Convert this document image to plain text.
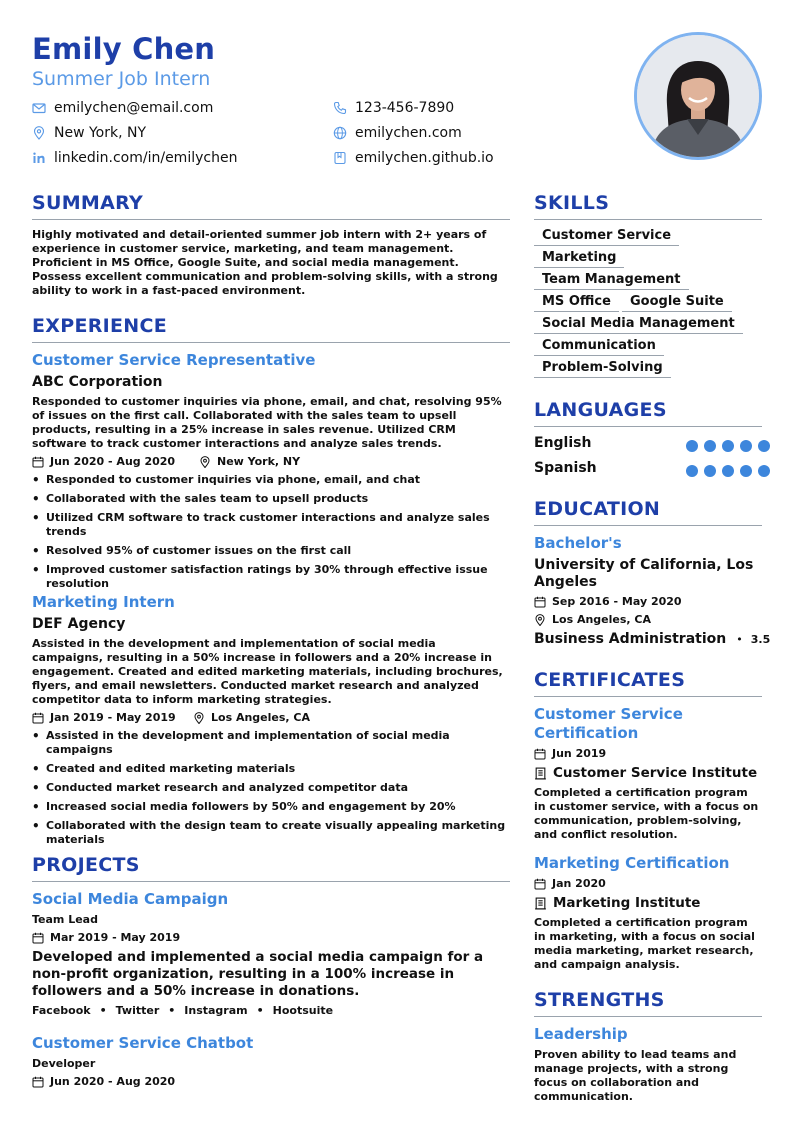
Emily Chen
Summer Job Intern
emilychen@email.com	123-456-7890
New York, NY	emilychen.com
linkedin.com/in/emilychen	emilychen.github.io
SUMMARY
Highly motivated and detail-oriented summer job intern with 2+ years of experience in customer service, marketing, and team management. Proficient in MS Office, Google Suite, and social media management. Possess excellent communication and problem-solving skills, with a strong ability to work in a fast-paced environment.
EXPERIENCE
Customer Service Representative
ABC Corporation
Responded to customer inquiries via phone, email, and chat, resolving 95% of issues on the first call. Collaborated with the sales team to upsell products, resulting in a 25% increase in sales revenue. Utilized CRM software to track customer interactions and analyze sales trends.
Jun 2020 - Aug 2020	New York, NY
• Responded to customer inquiries via phone, email, and chat
• Collaborated with the sales team to upsell products
• Utilized CRM software to track customer interactions and analyze sales trends
• Resolved 95% of customer issues on the first call
• Improved customer satisfaction ratings by 30% through effective issue resolution
Marketing Intern
DEF Agency
Assisted in the development and implementation of social media campaigns, resulting in a 50% increase in followers and a 20% increase in engagement. Created and edited marketing materials, including brochures, flyers, and email newsletters. Conducted market research and analyzed competitor data to inform marketing strategies.
Jan 2019 - May 2019	Los Angeles, CA
• Assisted in the development and implementation of social media campaigns
• Created and edited marketing materials
• Conducted market research and analyzed competitor data
• Increased social media followers by 50% and engagement by 20%
• Collaborated with the design team to create visually appealing marketing materials
PROJECTS
Social Media Campaign
Team Lead
Mar 2019 - May 2019
Developed and implemented a social media campaign for a non-profit organization, resulting in a 100% increase in followers and a 50% increase in donations.
Facebook • Twitter • Instagram • Hootsuite
Customer Service Chatbot
Developer
Jun 2020 - Aug 2020
SKILLS
Customer Service
Marketing
Team Management
MS Office	Google Suite
Social Media Management
Communication
Problem-Solving
LANGUAGES
English
Spanish
EDUCATION
Bachelor's
University of California, Los Angeles
Sep 2016 - May 2020
Los Angeles, CA
Business Administration • 3.5
CERTIFICATES
Customer Service Certification
Jun 2019
Customer Service Institute
Completed a certification program in customer service, with a focus on communication, problem-solving, and conflict resolution.
Marketing Certification
Jan 2020
Marketing Institute
Completed a certification program in marketing, with a focus on social media marketing, market research, and campaign analysis.
STRENGTHS
Leadership
Proven ability to lead teams and manage projects, with a strong focus on collaboration and communication.
